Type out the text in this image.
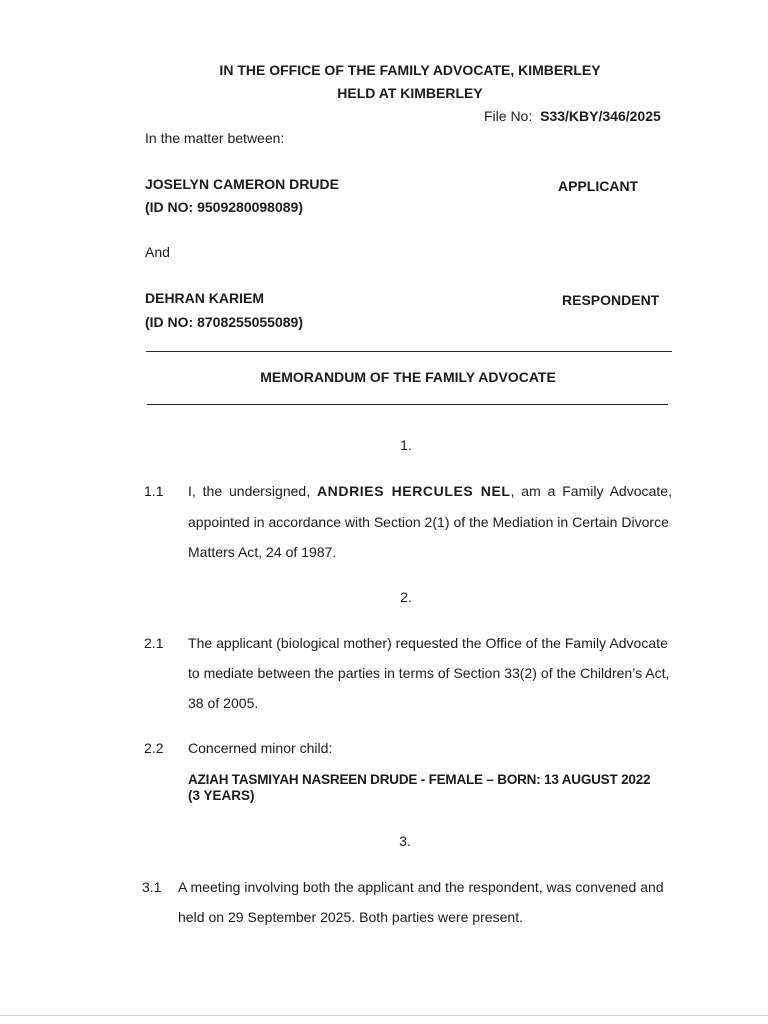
IN THE OFFICE OF THE FAMILY ADVOCATE, KIMBERLEY
HELD AT KIMBERLEY
File No: S33/KBY/346/2025
In the matter between:
JOSELYN CAMERON DRUDE	APPLICANT
(ID NO: 9509280098089)
And
DEHRAN KARIEM	RESPONDENT
(ID NO: 8708255055089)
MEMORANDUM OF THE FAMILY ADVOCATE
1.
1.1 I, the undersigned, ANDRIES HERCULES NEL, am a Family Advocate,
appointed in accordance with Section 2(1) of the Mediation in Certain Divorce
Matters Act, 24 of 1987.
2.
2.1 The applicant (biological mother) requested the Office of the Family Advocate
to mediate between the parties in terms of Section 33(2) of the Children’s Act,
38 of 2005.
2.2 Concerned minor child:
AZIAH TASMIYAH NASREEN DRUDE - FEMALE – BORN: 13 AUGUST 2022
(3 YEARS)
3.
3.1 A meeting involving both the applicant and the respondent, was convened and
held on 29 September 2025. Both parties were present.
